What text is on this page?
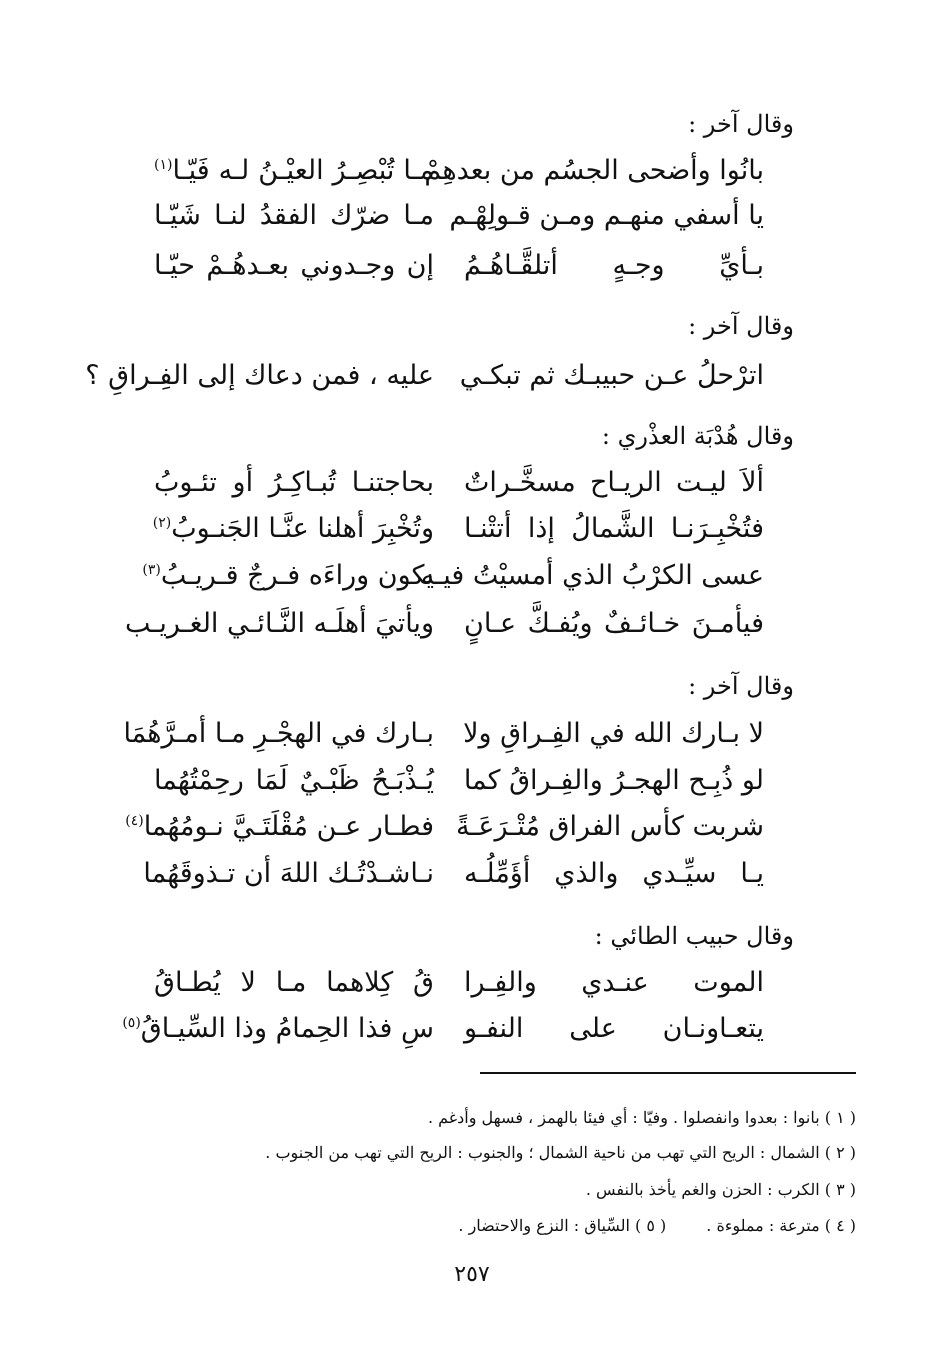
وقال آخر :
بانُوا وأضحى الجسُم من بعدهِمْ
مـا تُبْصِـرُ العيْـنُ لـه فَيّـا$^{(١)}$
يا أسفي منهـم ومـن قـولِهْـم
مـا ضرّك الفقدُ لنـا شَيّـا
بـأيِّ وجـهٍ أتلقَّـاهُـمُ
إن وجـدوني بعـدهُـمْ حيّـا
وقال آخر :
اترْحلُ عـن حبيبـك ثم تبكـي
عليه ، فمن دعاك إلى الفِـراقِ ؟
وقال هُدْبَة العذْري :
ألاَ ليـت الريـاح مسخَّـراتٌ
بحاجتنـا تُبـاكِـرُ أو تئـوبُ
فتُخْبِـرَنـا الشَّمالُ إذا أتتْنـا
وتُخْبِرَ أهلنا عنَّـا الجَنـوبُ$^{(٢)}$
عسى الكرْبُ الذي أمسيْتُ فيـه
يكون وراءَه فـرجٌ قـريـبُ$^{(٣)}$
فيأمـنَ خـائـفٌ ويُفـكَّ عـانٍ
ويأتيَ أهلَـه النَّـائـي الغـريـب
وقال آخر :
لا بـارك الله في الفِـراقِ ولا
بـارك في الهجْـرِ مـا أمـرَّهُمَا
لو ذُبِـح الهجـرُ والفِـراقُ كما
يُـذْبَـحُ ظَبْـيٌ لَمَا رحِمْتُهُما
شربت كأس الفراق مُتْـرَعَـةً
فطـار عـن مُقْلَتَـيَّ نـومُهُما$^{(٤)}$
يـا سيِّـدي والذي أؤَمِّلُـه
نـاشـدْتُـك اللهَ أن تـذوقَهُما
وقال حبيب الطائي :
الموت عنـدي والفِـرا
قُ كِلاهما مـا لا يُطـاقُ
يتعـاونـان على النفـو
سِ فذا الحِمامُ وذا السِّيـاقُ$^{(٥)}$
( ١ ) بانوا : بعدوا وانفصلوا . وفيّا : أي فيئا بالهمز ، فسهل وأدغم .
( ٢ ) الشمال : الريح التي تهب من ناحية الشمال ؛ والجنوب : الريح التي تهب من الجنوب .
( ٣ ) الكرب : الحزن والغم يأخذ بالنفس .
( ٤ ) مترعة : مملوءة .( ٥ ) السِّياق : النزع والاحتضار .
٢٥٧
